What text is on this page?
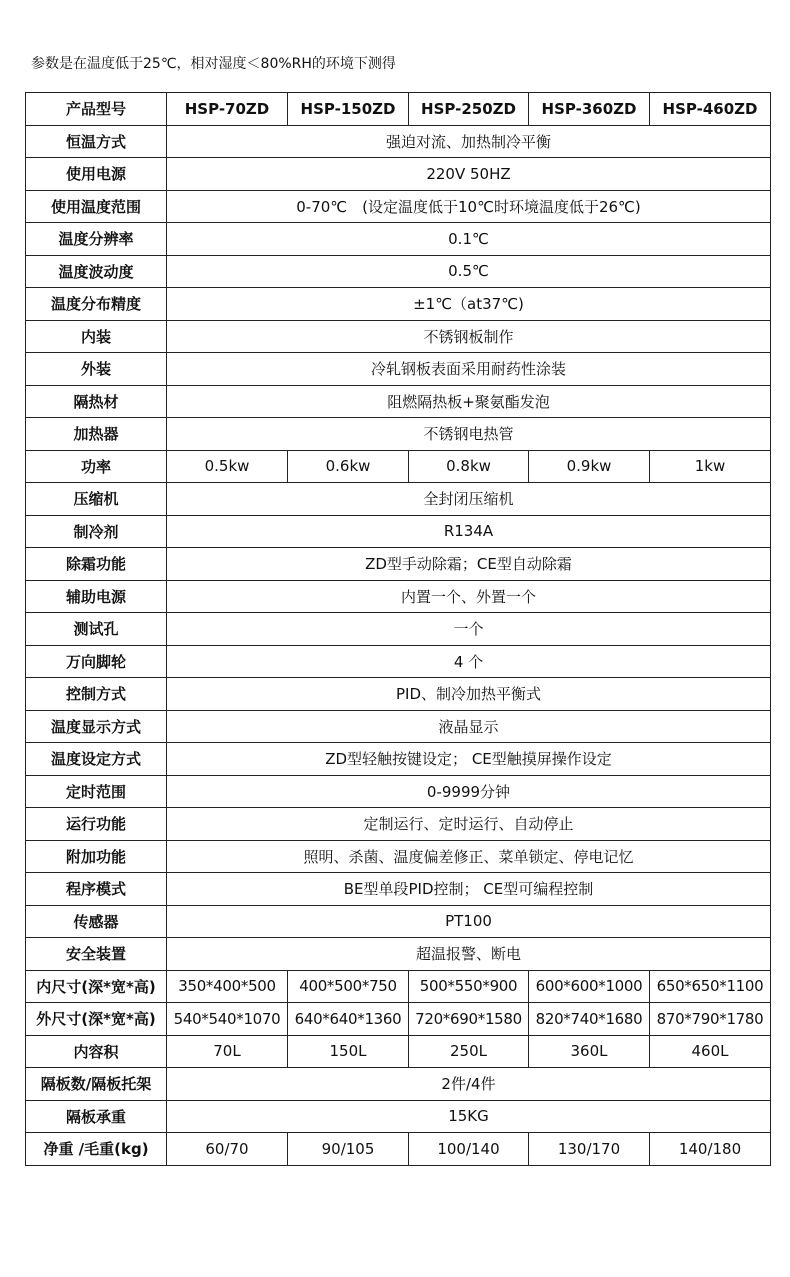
参数是在温度低于25℃，相对湿度＜80%RH的环境下测得
产品型号	HSP-70ZD	HSP-150ZD	HSP-250ZD	HSP-360ZD	HSP-460ZD
恒温方式	强迫对流、加热制冷平衡				
使用电源	220V 50HZ				
使用温度范围	0-70℃　(设定温度低于10℃时环境温度低于26℃)				
温度分辨率	0.1℃				
温度波动度	0.5℃				
温度分布精度	±1℃（at37℃)				
内装	不锈钢板制作				
外装	冷轧钢板表面采用耐药性涂装				
隔热材	阻燃隔热板+聚氨酯发泡				
加热器	不锈钢电热管				
功率	0.5kw	0.6kw	0.8kw	0.9kw	1kw
压缩机	全封闭压缩机				
制冷剂	R134A				
除霜功能	ZD型手动除霜；CE型自动除霜				
辅助电源	内置一个、外置一个				
测试孔	一个				
万向脚轮	4 个				
控制方式	PID、制冷加热平衡式				
温度显示方式	液晶显示				
温度设定方式	ZD型轻触按键设定； CE型触摸屏操作设定				
定时范围	0-9999分钟				
运行功能	定制运行、定时运行、自动停止				
附加功能	照明、杀菌、温度偏差修正、菜单锁定、停电记忆				
程序模式	BE型单段PID控制； CE型可编程控制				
传感器	PT100				
安全装置	超温报警、断电				
内尺寸(深*宽*高)	350*400*500	400*500*750	500*550*900	600*600*1000	650*650*1100
外尺寸(深*宽*高)	540*540*1070	640*640*1360	720*690*1580	820*740*1680	870*790*1780
内容积	70L	150L	250L	360L	460L
隔板数/隔板托架	2件/4件				
隔板承重	15KG				
净重 /毛重(kg)	60/70	90/105	100/140	130/170	140/180
